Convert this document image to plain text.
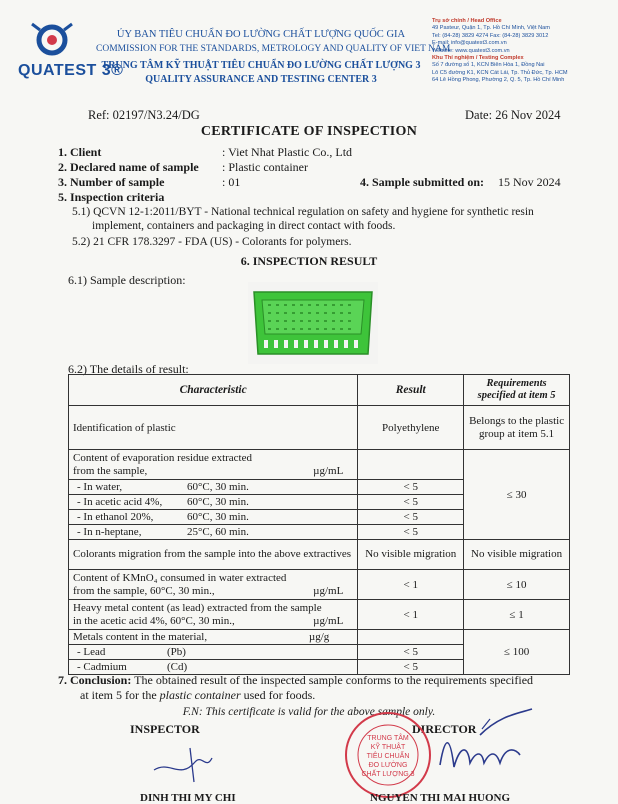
QUATEST 3®
ỦY BAN TIÊU CHUẨN ĐO LƯỜNG CHẤT LƯỢNG QUỐC GIA
COMMISSION FOR THE STANDARDS, METROLOGY AND QUALITY OF VIET NAM
TRUNG TÂM KỸ THUẬT TIÊU CHUẨN ĐO LƯỜNG CHẤT LƯỢNG 3
QUALITY ASSURANCE AND TESTING CENTER 3
Trụ sở chính / Head Office
49 Pasteur, Quận 1, Tp. Hồ Chí Minh, Việt Nam
Tel: (84-28) 3829 4274 Fax: (84-28) 3829 3012
E-mail: info@quatest3.com.vn
Website: www.quatest3.com.vn
Khu Thí nghiệm / Testing Complex
Số 7 đường số 1, KCN Biên Hòa 1, Đồng Nai
Lô C5 đường K1, KCN Cát Lái, Tp. Thủ Đức, Tp. HCM
64 Lê Hồng Phong, Phường 2, Q. 5, Tp. Hồ Chí Minh
Ref: 02197/N3.24/DG	Date: 26 Nov 2024
CERTIFICATE OF INSPECTION
1. Client	: Viet Nhat Plastic Co., Ltd
2. Declared name of sample : Plastic container
3. Number of sample	: 01	4. Sample submitted on: 15 Nov 2024
5. Inspection criteria
5.1) QCVN 12-1:2011/BYT - National technical regulation on safety and hygiene for synthetic resin
implement, containers and packaging in direct contact with foods.
5.2) 21 CFR 178.3297 - FDA (US) - Colorants for polymers.
6. INSPECTION RESULT
6.1) Sample description:
6.2) The details of result:
Characteristic	Result	Requirements specified at item 5
Identification of plastic	Polyethylene	Belongs to the plastic group at item 5.1

Content of evaporation residue extracted
from the sample, µg/mL		≤ 30
- In water, 60°C, 30 min.	< 5	
- In acetic acid 4%, 60°C, 30 min.	< 5	
- In ethanol 20%, 60°C, 30 min.	< 5	
- In n-heptane, 25°C, 60 min.	< 5	
Colorants migration from the sample into the above extractives	No visible migration	No visible migration

Content of KMnO₄ consumed in water extracted
from the sample, 60°C, 30 min., µg/mL	< 1	≤ 10

Heavy metal content (as lead) extracted from the sample
in the acetic acid 4%, 60°C, 30 min., µg/mL	< 1	≤ 1

Metals content in the material, µg/g		≤ 100
- Lead (Pb)	< 5	
- Cadmium (Cd)	< 5	
7. Conclusion: The obtained result of the inspected sample conforms to the requirements specified
at item 5 for the plastic container used for foods.
F.N: This certificate is valid for the above sample only.
INSPECTOR	DIRECTOR
TRUNG TÂM
KỸ THUẬT
TIÊU CHUẨN
ĐO LƯỜNG
CHẤT LƯỢNG 3
DINH THI MY CHI	NGUYEN THI MAI HUONG
